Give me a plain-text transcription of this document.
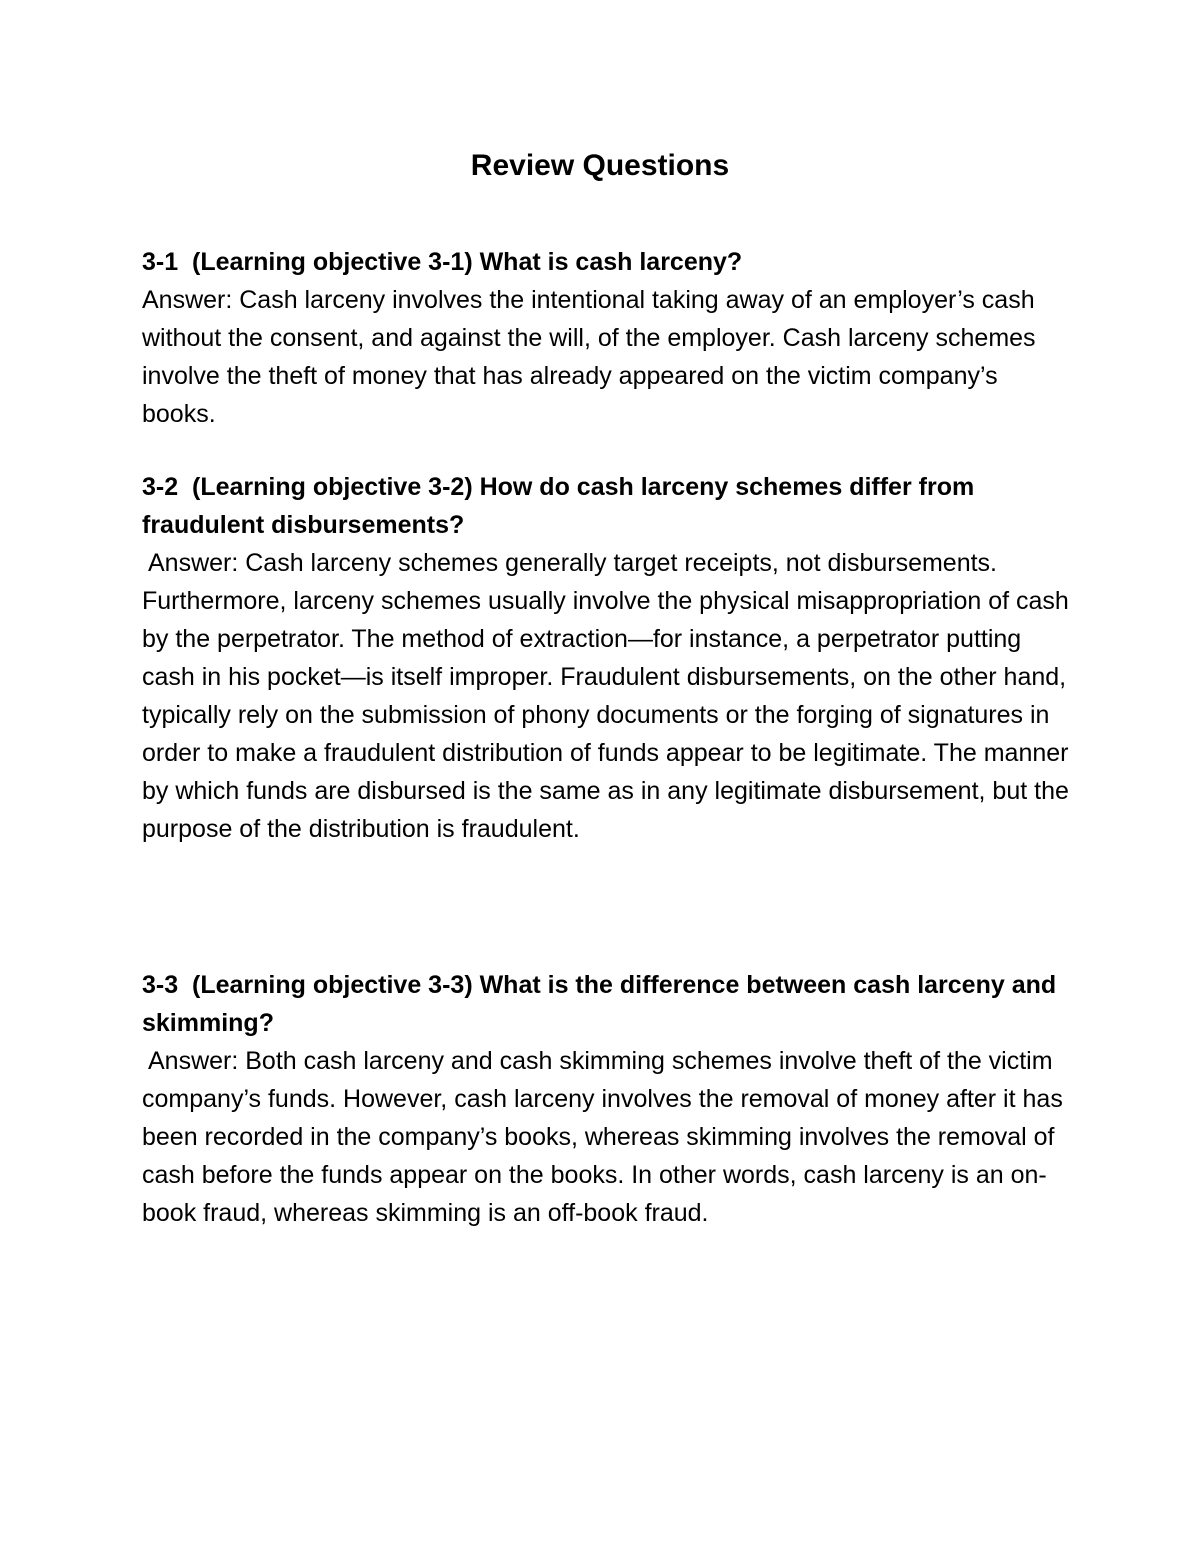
Review Questions

3-1  (Learning objective 3-1) What is cash larceny?

Answer: Cash larceny involves the intentional taking away of an employer’s cash without the consent, and against the will, of the employer. Cash larceny schemes involve the theft of money that has already appeared on the victim company’s books.

3-2  (Learning objective 3-2) How do cash larceny schemes differ from fraudulent disbursements?

Answer: Cash larceny schemes generally target receipts, not disbursements. Furthermore, larceny schemes usually involve the physical misappropriation of cash by the perpetrator. The method of extraction—for instance, a perpetrator putting cash in his pocket—is itself improper. Fraudulent disbursements, on the other hand, typically rely on the submission of phony documents or the forging of signatures in order to make a fraudulent distribution of funds appear to be legitimate. The manner by which funds are disbursed is the same as in any legitimate disbursement, but the purpose of the distribution is fraudulent.

3-3  (Learning objective 3-3) What is the difference between cash larceny and skimming?

Answer: Both cash larceny and cash skimming schemes involve theft of the victim company’s funds. However, cash larceny involves the removal of money after it has been recorded in the company’s books, whereas skimming involves the removal of cash before the funds appear on the books. In other words, cash larceny is an on-book fraud, whereas skimming is an off-book fraud.
